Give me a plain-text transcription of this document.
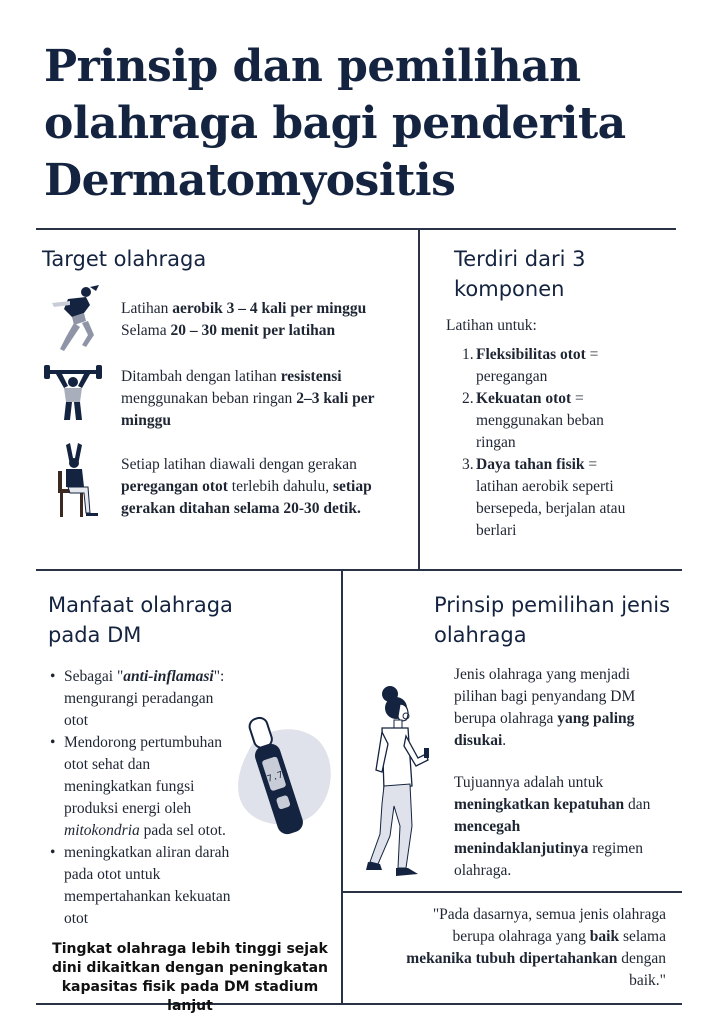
Prinsip dan pemilihan
olahraga bagi penderita
Dermatomyositis
Target olahraga
Latihan aerobik 3 – 4 kali per minggu
Selama 20 – 30 menit per latihan
Ditambah dengan latihan resistensi menggunakan beban ringan 2–3 kali per minggu
Setiap latihan diawali dengan gerakan peregangan otot terlebih dahulu, setiap gerakan ditahan selama 20-30 detik.
Terdiri dari 3
komponen
Latihan untuk:
1. Fleksibilitas otot = peregangan
2. Kekuatan otot = menggunakan beban ringan
3. Daya tahan fisik = latihan aerobik seperti bersepeda, berjalan atau berlari
Manfaat olahraga
pada DM
7.7
• Sebagai "anti-inflamasi": mengurangi peradangan otot
• Mendorong pertumbuhan otot sehat dan meningkatkan fungsi produksi energi oleh mitokondria pada sel otot.
• meningkatkan aliran darah pada otot untuk mempertahankan kekuatan otot
Tingkat olahraga lebih tinggi sejak dini dikaitkan dengan peningkatan kapasitas fisik pada DM stadium lanjut
Prinsip pemilihan jenis
olahraga
Jenis olahraga yang menjadi pilihan bagi penyandang DM berupa olahraga yang paling disukai.
Tujuannya adalah untuk meningkatkan kepatuhan dan mencegah menindaklanjutinya regimen olahraga.
"Pada dasarnya, semua jenis olahraga berupa olahraga yang baik selama mekanika tubuh dipertahankan dengan baik."
